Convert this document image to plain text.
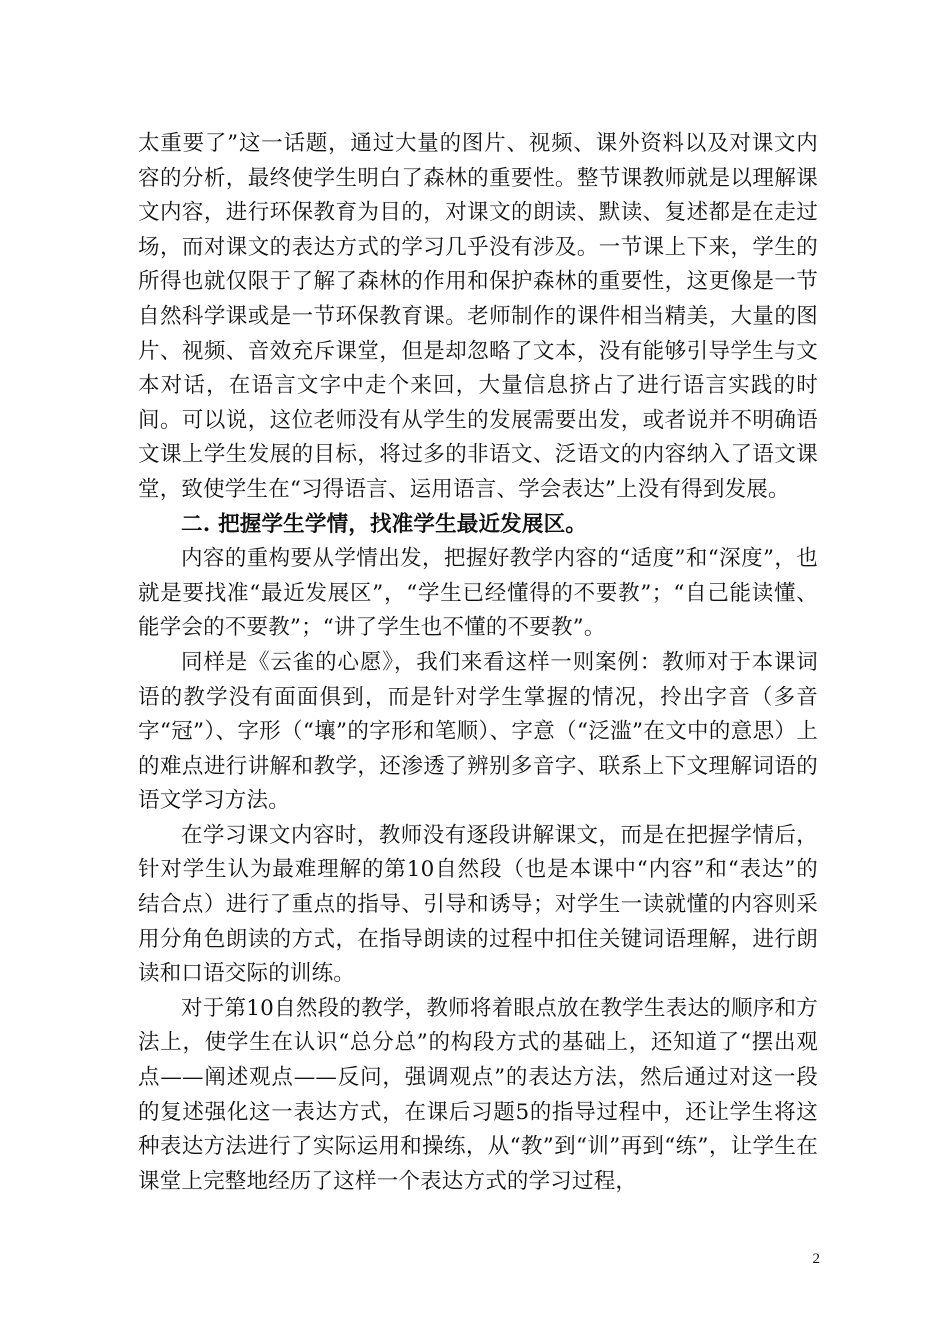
太重要了”这一话题，通过大量的图片、视频、课外资料以及对课文内容的分析，最终使学生明白了森林的重要性。整节课教师就是以理解课文内容，进行环保教育为目的，对课文的朗读、默读、复述都是在走过场，而对课文的表达方式的学习几乎没有涉及。一节课上下来，学生的所得也就仅限于了解了森林的作用和保护森林的重要性，这更像是一节自然科学课或是一节环保教育课。老师制作的课件相当精美，大量的图片、视频、音效充斥课堂，但是却忽略了文本，没有能够引导学生与文本对话，在语言文字中走个来回，大量信息挤占了进行语言实践的时间。可以说，这位老师没有从学生的发展需要出发，或者说并不明确语文课上学生发展的目标，将过多的非语文、泛语文的内容纳入了语文课堂，致使学生在“习得语言、运用语言、学会表达”上没有得到发展。

二. 把握学生学情，找准学生最近发展区。

内容的重构要从学情出发，把握好教学内容的“适度”和“深度”，也就是要找准“最近发展区”，“学生已经懂得的不要教”；“自己能读懂、能学会的不要教”；“讲了学生也不懂的不要教”。

同样是《云雀的心愿》，我们来看这样一则案例：教师对于本课词语的教学没有面面俱到，而是针对学生掌握的情况，拎出字音（多音字“冠”）、字形（“壤”的字形和笔顺）、字意（“泛滥”在文中的意思）上的难点进行讲解和教学，还渗透了辨别多音字、联系上下文理解词语的语文学习方法。

在学习课文内容时，教师没有逐段讲解课文，而是在把握学情后，针对学生认为最难理解的第10自然段（也是本课中“内容”和“表达”的结合点）进行了重点的指导、引导和诱导；对学生一读就懂的内容则采用分角色朗读的方式，在指导朗读的过程中扣住关键词语理解，进行朗读和口语交际的训练。

对于第10自然段的教学，教师将着眼点放在教学生表达的顺序和方法上，使学生在认识“总分总”的构段方式的基础上，还知道了“摆出观点——阐述观点——反问，强调观点”的表达方法，然后通过对这一段的复述强化这一表达方式，在课后习题5的指导过程中，还让学生将这种表达方法进行了实际运用和操练，从“教”到“训”再到“练”，让学生在课堂上完整地经历了这样一个表达方式的学习过程，

2
